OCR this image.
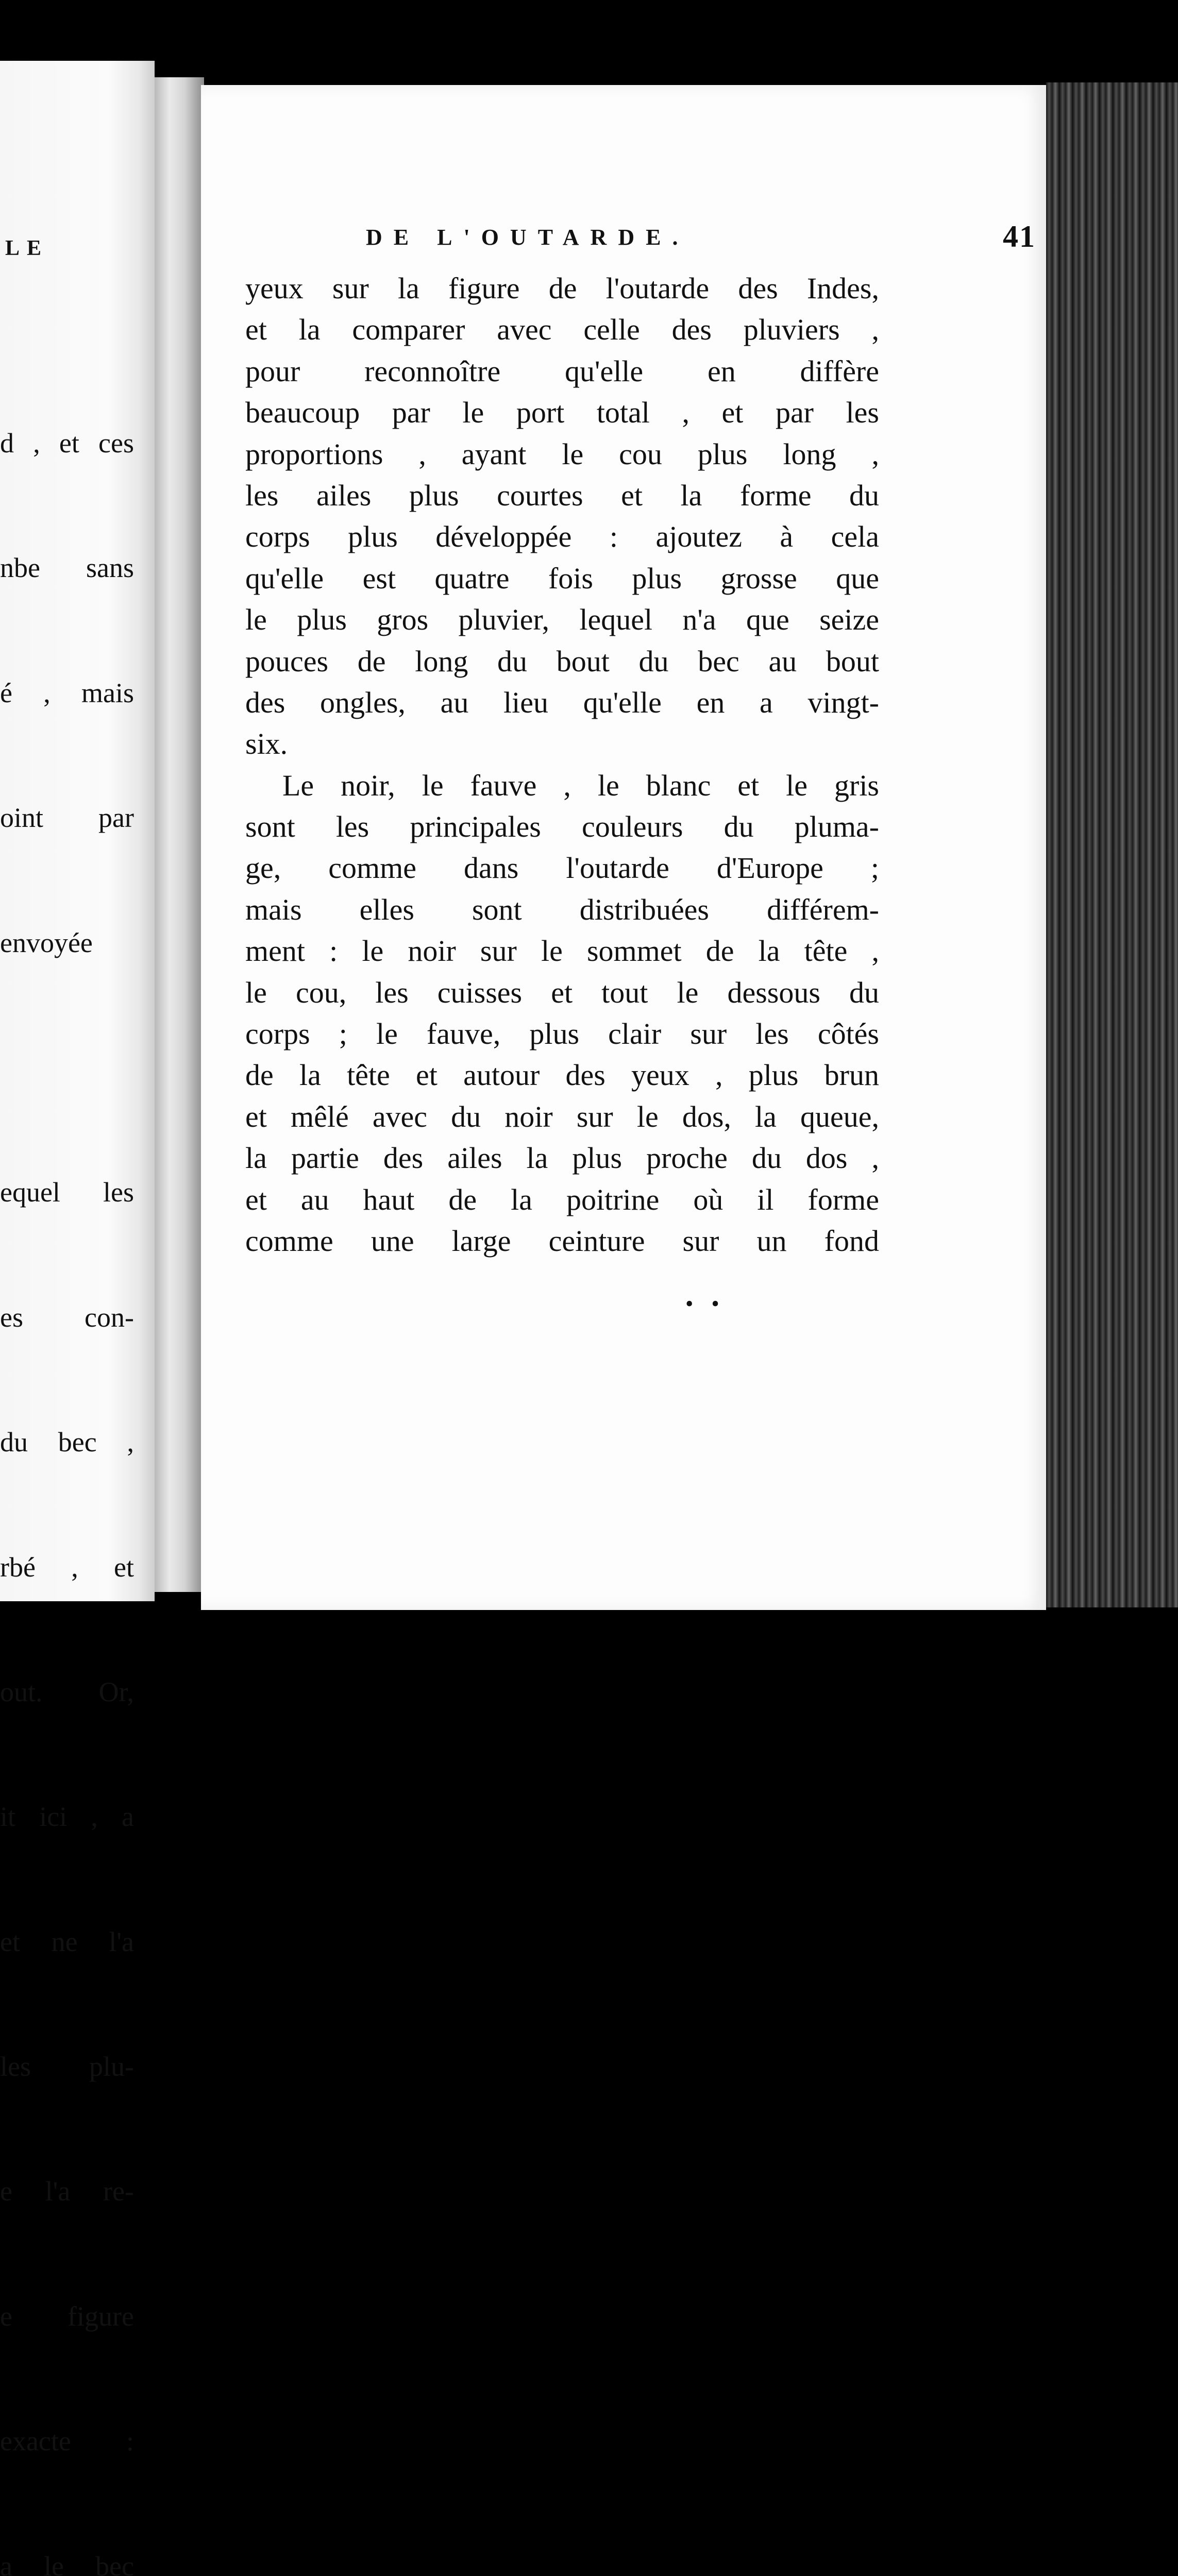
LE

d , et ces

nbe sans

é , mais

oint par

envoyée

equel les

es con-

du bec ,

rbé , et

out. Or,

it ici , a

et ne l'a

les plu-

e l'a re-

e figure

exacte :

a le bec

DE L'OUTARDE.	41
yeux sur la figure de l'outarde des Indes,
et la comparer avec celle des pluviers ,
pour reconnoître qu'elle en diffère
beaucoup par le port total , et par les
proportions , ayant le cou plus long ,
les ailes plus courtes et la forme du
corps plus développée : ajoutez à cela
qu'elle est quatre fois plus grosse que
le plus gros pluvier, lequel n'a que seize
pouces de long du bout du bec au bout
des ongles, au lieu qu'elle en a vingt-
six.
Le noir, le fauve , le blanc et le gris
sont les principales couleurs du pluma-
ge, comme dans l'outarde d'Europe ;
mais elles sont distribuées différem-
ment : le noir sur le sommet de la tête ,
le cou, les cuisses et tout le dessous du
corps ; le fauve, plus clair sur les côtés
de la tête et autour des yeux , plus brun
et mêlé avec du noir sur le dos, la queue,
la partie des ailes la plus proche du dos ,
et au haut de la poitrine où il forme
comme une large ceinture sur un fond
• •
